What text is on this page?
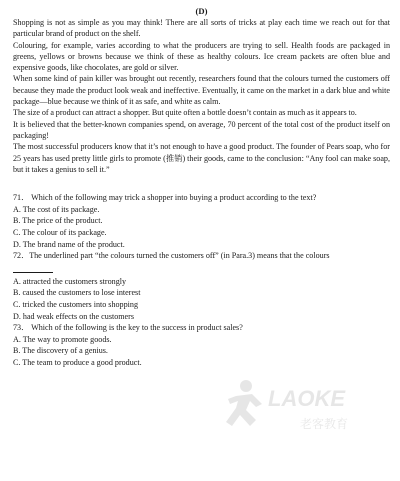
(D)

Shopping is not as simple as you may think! There are all sorts of tricks at play each time we reach out for that particular brand of product on the shelf.

Colouring, for example, varies according to what the producers are trying to sell. Health foods are packaged in greens, yellows or browns because we think of these as healthy colours. Ice cream packets are often blue and expensive goods, like chocolates, are gold or silver.

When some kind of pain killer was brought out recently, researchers found that the colours turned the customers off because they made the product look weak and ineffective. Eventually, it came on the market in a dark blue and white package—blue because we think of it as safe, and white as calm.

The size of a product can attract a shopper. But quite often a bottle doesn’t contain as much as it appears to.

It is believed that the better-known companies spend, on average, 70 percent of the total cost of the product itself on packaging!

The most successful producers know that it’s not enough to have a good product. The founder of Pears soap, who for 25 years has used pretty little girls to promote (推销) their goods, came to the conclusion: “Any fool can make soap, but it takes a genius to sell it.”

71． Which of the following may trick a shopper into buying a product according to the text?

A. The cost of its package.

B. The price of the product.

C. The colour of its package.

D. The brand name of the product.

72．The underlined part “the colours turned the customers off” (in Para.3) means that the colours

A. attracted the customers strongly

B. caused the customers to lose interest

C. tricked the customers into shopping

D. had weak effects on the customers

73． Which of the following is the key to the success in product sales?

A. The way to promote goods.

B. The discovery of a genius.

C. The team to produce a good product.

LAOKE
老客教育
